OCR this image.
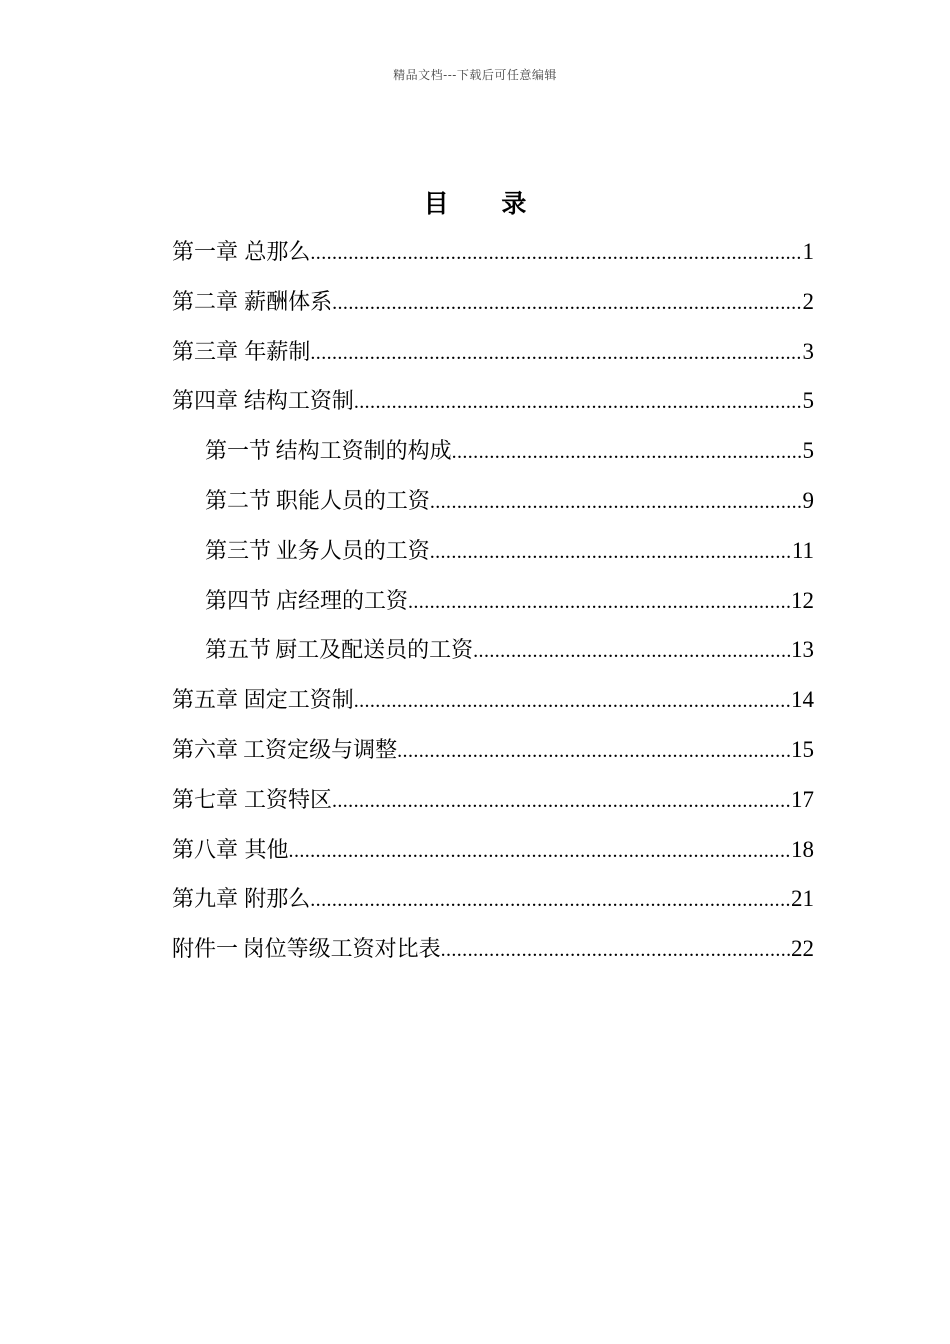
精品文档---下载后可任意编辑
目 录
第一章 总那么 .....	1
第二章 薪酬体系 .....	2
第三章 年薪制 .....	3
第四章 结构工资制 .....	5
第一节 结构工资制的构成 .....	5
第二节 职能人员的工资 .....	9
第三节 业务人员的工资 .....	11
第四节 店经理的工资 .....	12
第五节 厨工及配送员的工资 .....	13
第五章 固定工资制 .....	14
第六章 工资定级与调整 .....	15
第七章 工资特区 .....	17
第八章 其他 .....	18
第九章 附那么 .....	21
附件一 岗位等级工资对比表 .....	22
